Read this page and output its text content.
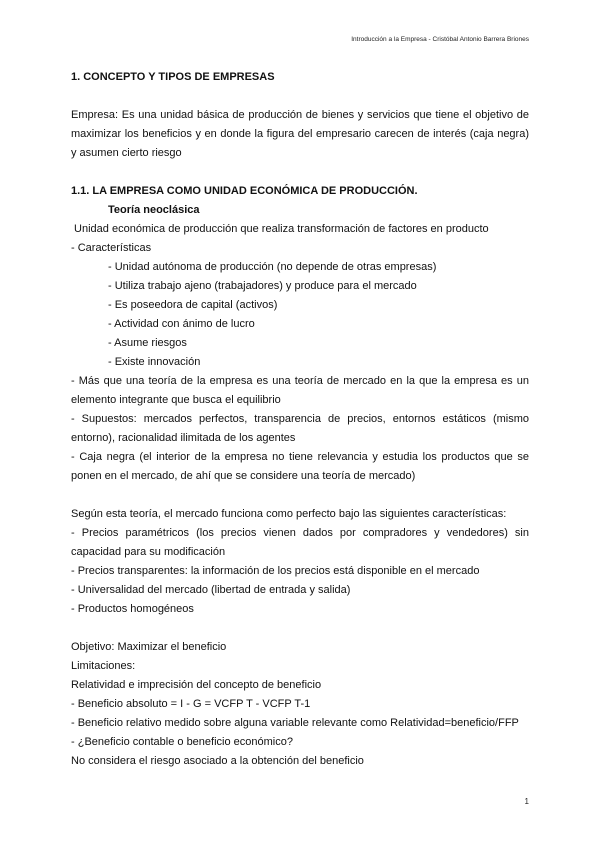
Introducción a la Empresa - Cristóbal Antonio Barrera Briones
1. CONCEPTO Y TIPOS DE EMPRESAS
Empresa: Es una unidad básica de producción de bienes y servicios que tiene el objetivo de maximizar los beneficios y en donde la figura del empresario carecen de interés (caja negra) y asumen cierto riesgo
1.1. LA EMPRESA COMO UNIDAD ECONÓMICA DE PRODUCCIÓN.
Teoría neoclásica
Unidad económica de producción que realiza transformación de factores en producto
- Características
- Unidad autónoma de producción (no depende de otras empresas)
- Utiliza trabajo ajeno (trabajadores) y produce para el mercado
- Es poseedora de capital (activos)
- Actividad con ánimo de lucro
- Asume riesgos
- Existe innovación
- Más que una teoría de la empresa es una teoría de mercado en la que la empresa es un elemento integrante que busca el equilibrio
- Supuestos: mercados perfectos, transparencia de precios, entornos estáticos (mismo entorno), racionalidad ilimitada de los agentes
- Caja negra (el interior de la empresa no tiene relevancia y estudia los productos que se ponen en el mercado, de ahí que se considere una teoría de mercado)
Según esta teoría, el mercado funciona como perfecto bajo las siguientes características:
- Precios paramétricos (los precios vienen dados por compradores y vendedores) sin capacidad para su modificación
- Precios transparentes: la información de los precios está disponible en el mercado
- Universalidad del mercado (libertad de entrada y salida)
- Productos homogéneos
Objetivo: Maximizar el beneficio
Limitaciones:
Relatividad e imprecisión del concepto de beneficio
- Beneficio absoluto = I - G = VCFP T - VCFP T-1
- Beneficio relativo medido sobre alguna variable relevante como Relatividad=beneficio/FFP
- ¿Beneficio contable o beneficio económico?
No considera el riesgo asociado a la obtención del beneficio
1
